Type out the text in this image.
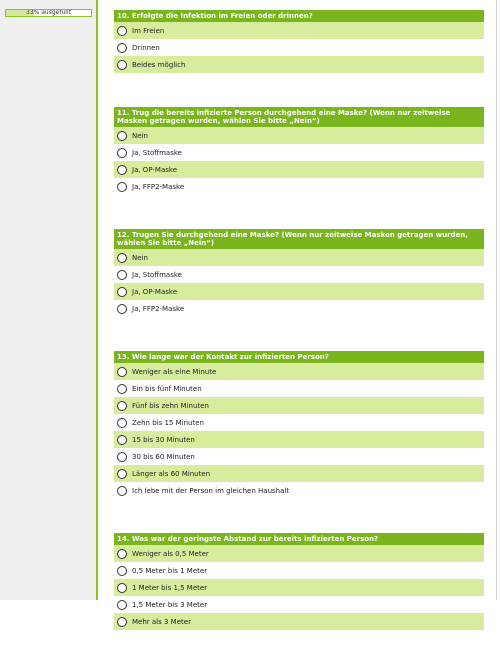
33% ausgefüllt	10. Erfolgte die Infektion im Freien oder drinnen?
Im Freien
Drinnen
Beides möglich
11. Trug die bereits infizierte Person durchgehend eine Maske? (Wenn nur zeitweise Masken getragen wurden, wählen Sie bitte „Nein“)
Nein
Ja, Stoffmaske
Ja, OP-Maske
Ja, FFP2-Maske
12. Trugen Sie durchgehend eine Maske? (Wenn nur zeitweise Masken getragen wurden, wählen Sie bitte „Nein“)
Nein
Ja, Stoffmaske
Ja, OP-Maske
Ja, FFP2-Maske
13. Wie lange war der Kontakt zur infizierten Person?
Weniger als eine Minute
Ein bis fünf Minuten
Fünf bis zehn Minuten
Zehn bis 15 Minuten
15 bis 30 Minuten
30 bis 60 Minuten
Länger als 60 Minuten
Ich lebe mit der Person im gleichen Haushalt
14. Was war der geringste Abstand zur bereits infizierten Person?
Weniger als 0,5 Meter
0,5 Meter bis 1 Meter
1 Meter bis 1,5 Meter
1,5 Meter bis 3 Meter
Mehr als 3 Meter
